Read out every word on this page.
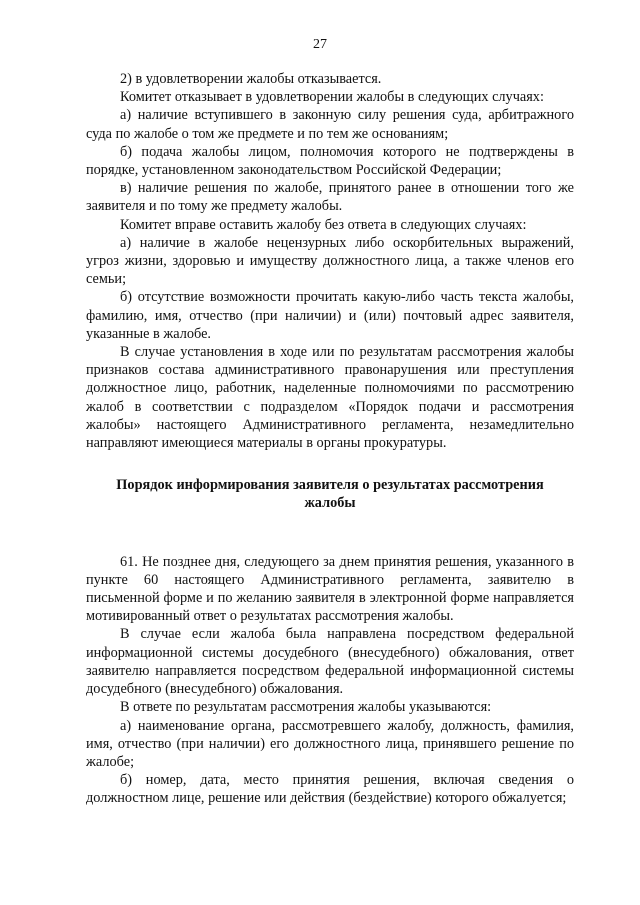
27

2) в удовлетворении жалобы отказывается.

Комитет отказывает в удовлетворении жалобы в следующих случаях:

а) наличие вступившего в законную силу решения суда, арбитражного суда по жалобе о том же предмете и по тем же основаниям;

б) подача жалобы лицом, полномочия которого не подтверждены в порядке, установленном законодательством Российской Федерации;

в) наличие решения по жалобе, принятого ранее в отношении того же заявителя и по тому же предмету жалобы.

Комитет вправе оставить жалобу без ответа в следующих случаях:

а) наличие в жалобе нецензурных либо оскорбительных выражений, угроз жизни, здоровью и имуществу должностного лица, а также членов его семьи;

б) отсутствие возможности прочитать какую-либо часть текста жалобы, фамилию, имя, отчество (при наличии) и (или) почтовый адрес заявителя, указанные в жалобе.

В случае установления в ходе или по результатам рассмотрения жалобы признаков состава административного правонарушения или преступления должностное лицо, работник, наделенные полномочиями по рассмотрению жалоб в соответствии с подразделом «Порядок подачи и рассмотрения жалобы» настоящего Административного регламента, незамедлительно направляют имеющиеся материалы в органы прокуратуры.

Порядок информирования заявителя о результатах рассмотрения жалобы

61. Не позднее дня, следующего за днем принятия решения, указанного в пункте 60 настоящего Административного регламента, заявителю в письменной форме и по желанию заявителя в электронной форме направляется мотивированный ответ о результатах рассмотрения жалобы.

В случае если жалоба была направлена посредством федеральной информационной системы досудебного (внесудебного) обжалования, ответ заявителю направляется посредством федеральной информационной системы досудебного (внесудебного) обжалования.

В ответе по результатам рассмотрения жалобы указываются:

а) наименование органа, рассмотревшего жалобу, должность, фамилия, имя, отчество (при наличии) его должностного лица, принявшего решение по жалобе;

б) номер, дата, место принятия решения, включая сведения о должностном лице, решение или действия (бездействие) которого обжалуется;
